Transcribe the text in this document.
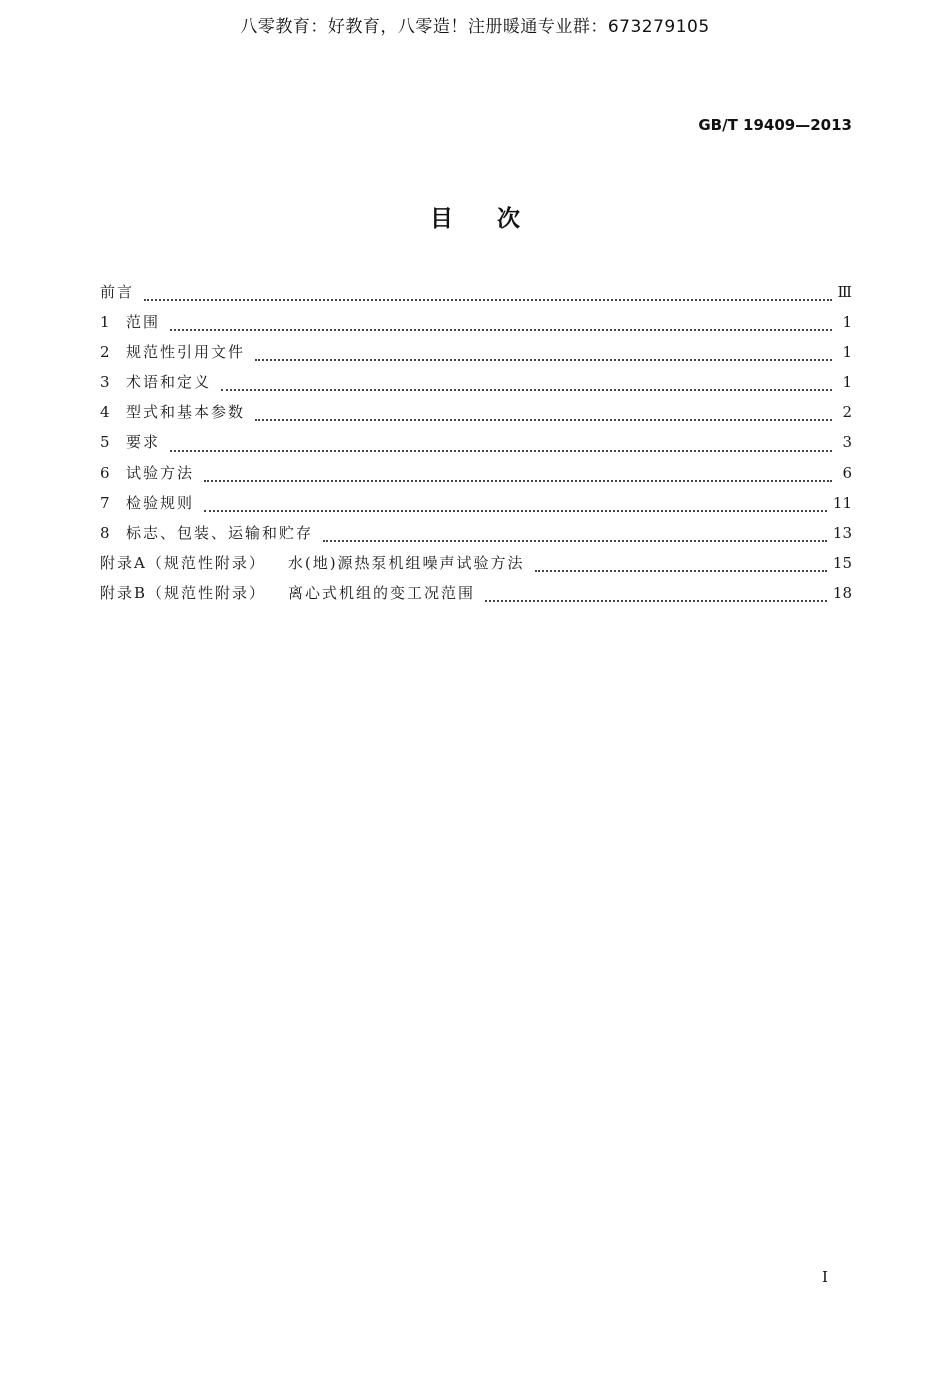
八零教育：好教育，八零造！注册暖通专业群：673279105
GB/T 19409—2013
目次
前言	Ⅲ
1	范围	1
2	规范性引用文件	1
3	术语和定义	1
4	型式和基本参数	2
5	要求	3
6	试验方法	6
7	检验规则	11
8	标志、包装、运输和贮存	13
附录A（规范性附录）	水(地)源热泵机组噪声试验方法	15
附录B（规范性附录）	离心式机组的变工况范围	18
I
